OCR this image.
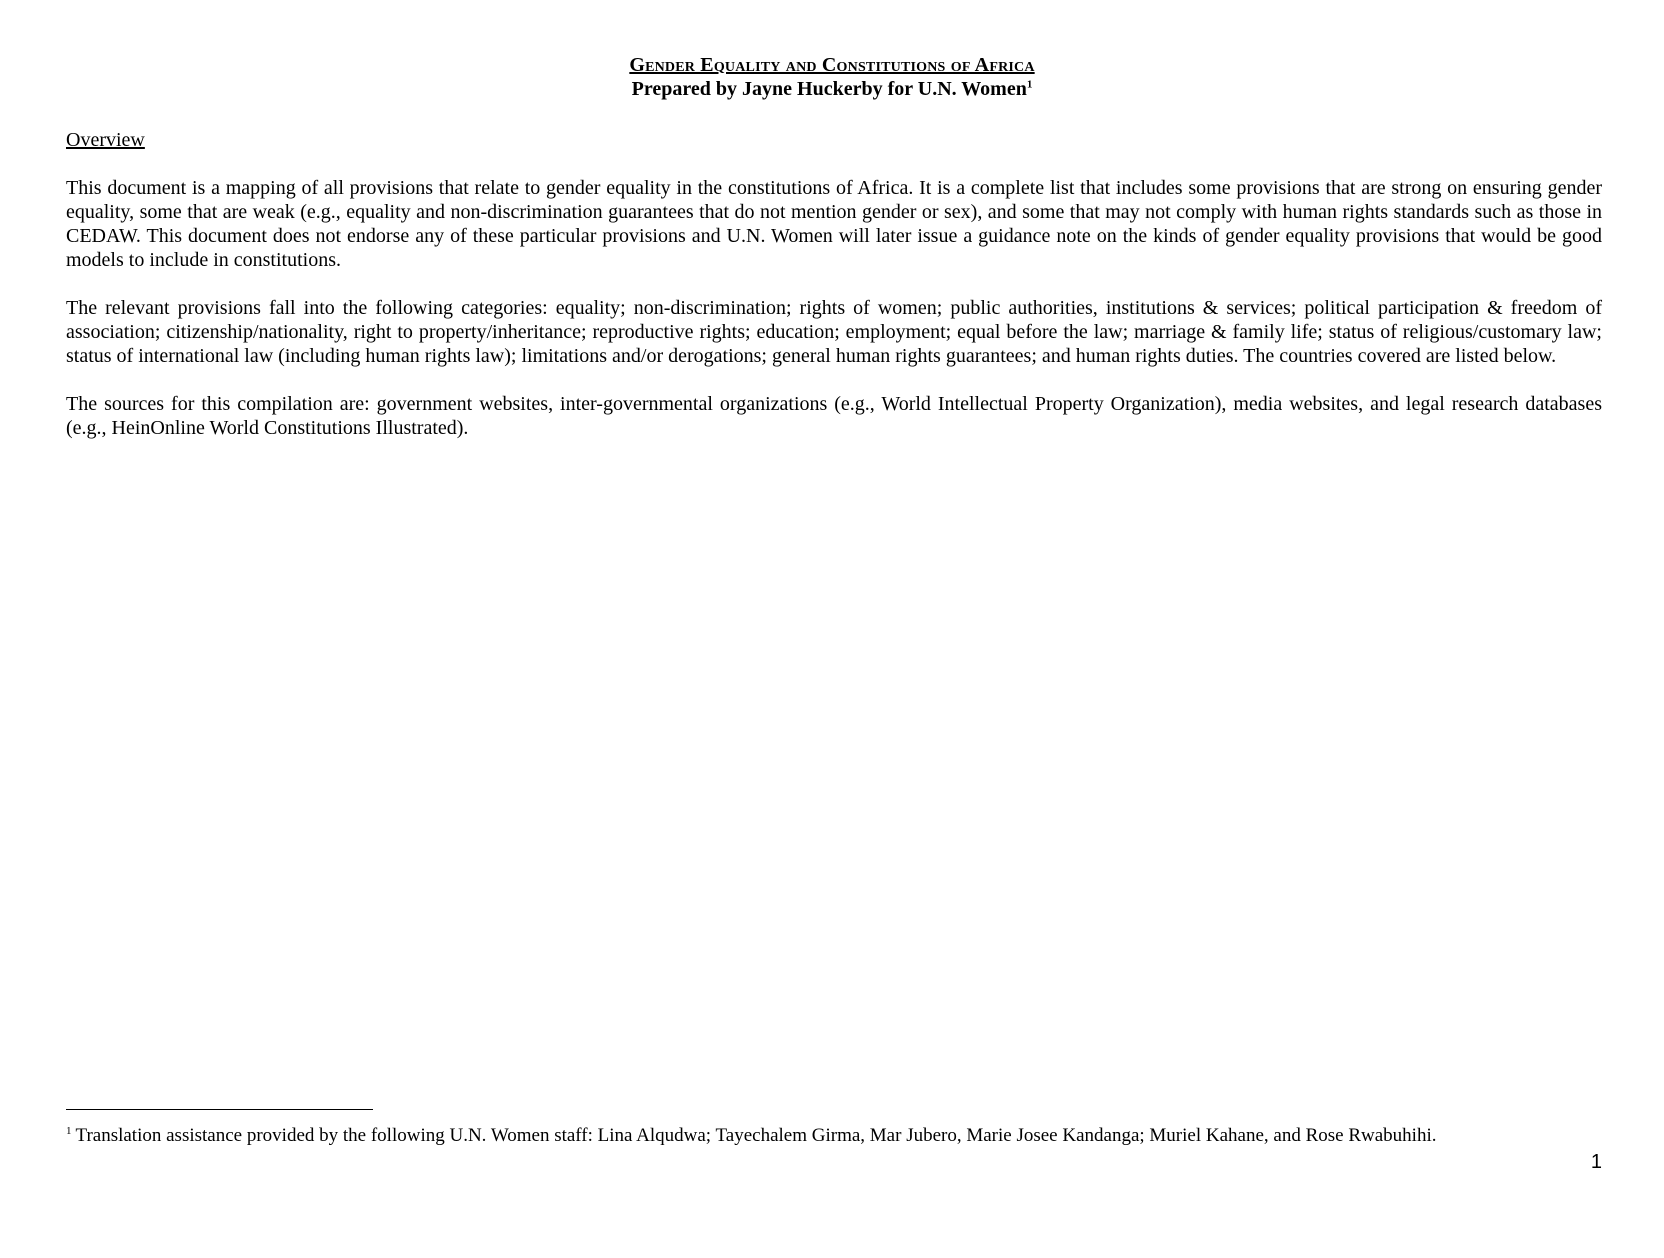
Gender Equality and Constitutions of Africa

Prepared by Jayne Huckerby for U.N. Women$^1$

Overview

This document is a mapping of all provisions that relate to gender equality in the constitutions of Africa. It is a complete list that includes some provisions that are strong on ensuring gender equality, some that are weak (e.g., equality and non-discrimination guarantees that do not mention gender or sex), and some that may not comply with human rights standards such as those in CEDAW. This document does not endorse any of these particular provisions and U.N. Women will later issue a guidance note on the kinds of gender equality provisions that would be good models to include in constitutions.

The relevant provisions fall into the following categories: equality; non-discrimination; rights of women; public authorities, institutions & services; political participation & freedom of association; citizenship/nationality, right to property/inheritance; reproductive rights; education; employment; equal before the law; marriage & family life; status of religious/customary law; status of international law (including human rights law); limitations and/or derogations; general human rights guarantees; and human rights duties. The countries covered are listed below.

The sources for this compilation are: government websites, inter-governmental organizations (e.g., World Intellectual Property Organization), media websites, and legal research databases (e.g., HeinOnline World Constitutions Illustrated).

$^1$ Translation assistance provided by the following U.N. Women staff: Lina Alqudwa; Tayechalem Girma, Mar Jubero, Marie Josee Kandanga; Muriel Kahane, and Rose Rwabuhihi.
1
